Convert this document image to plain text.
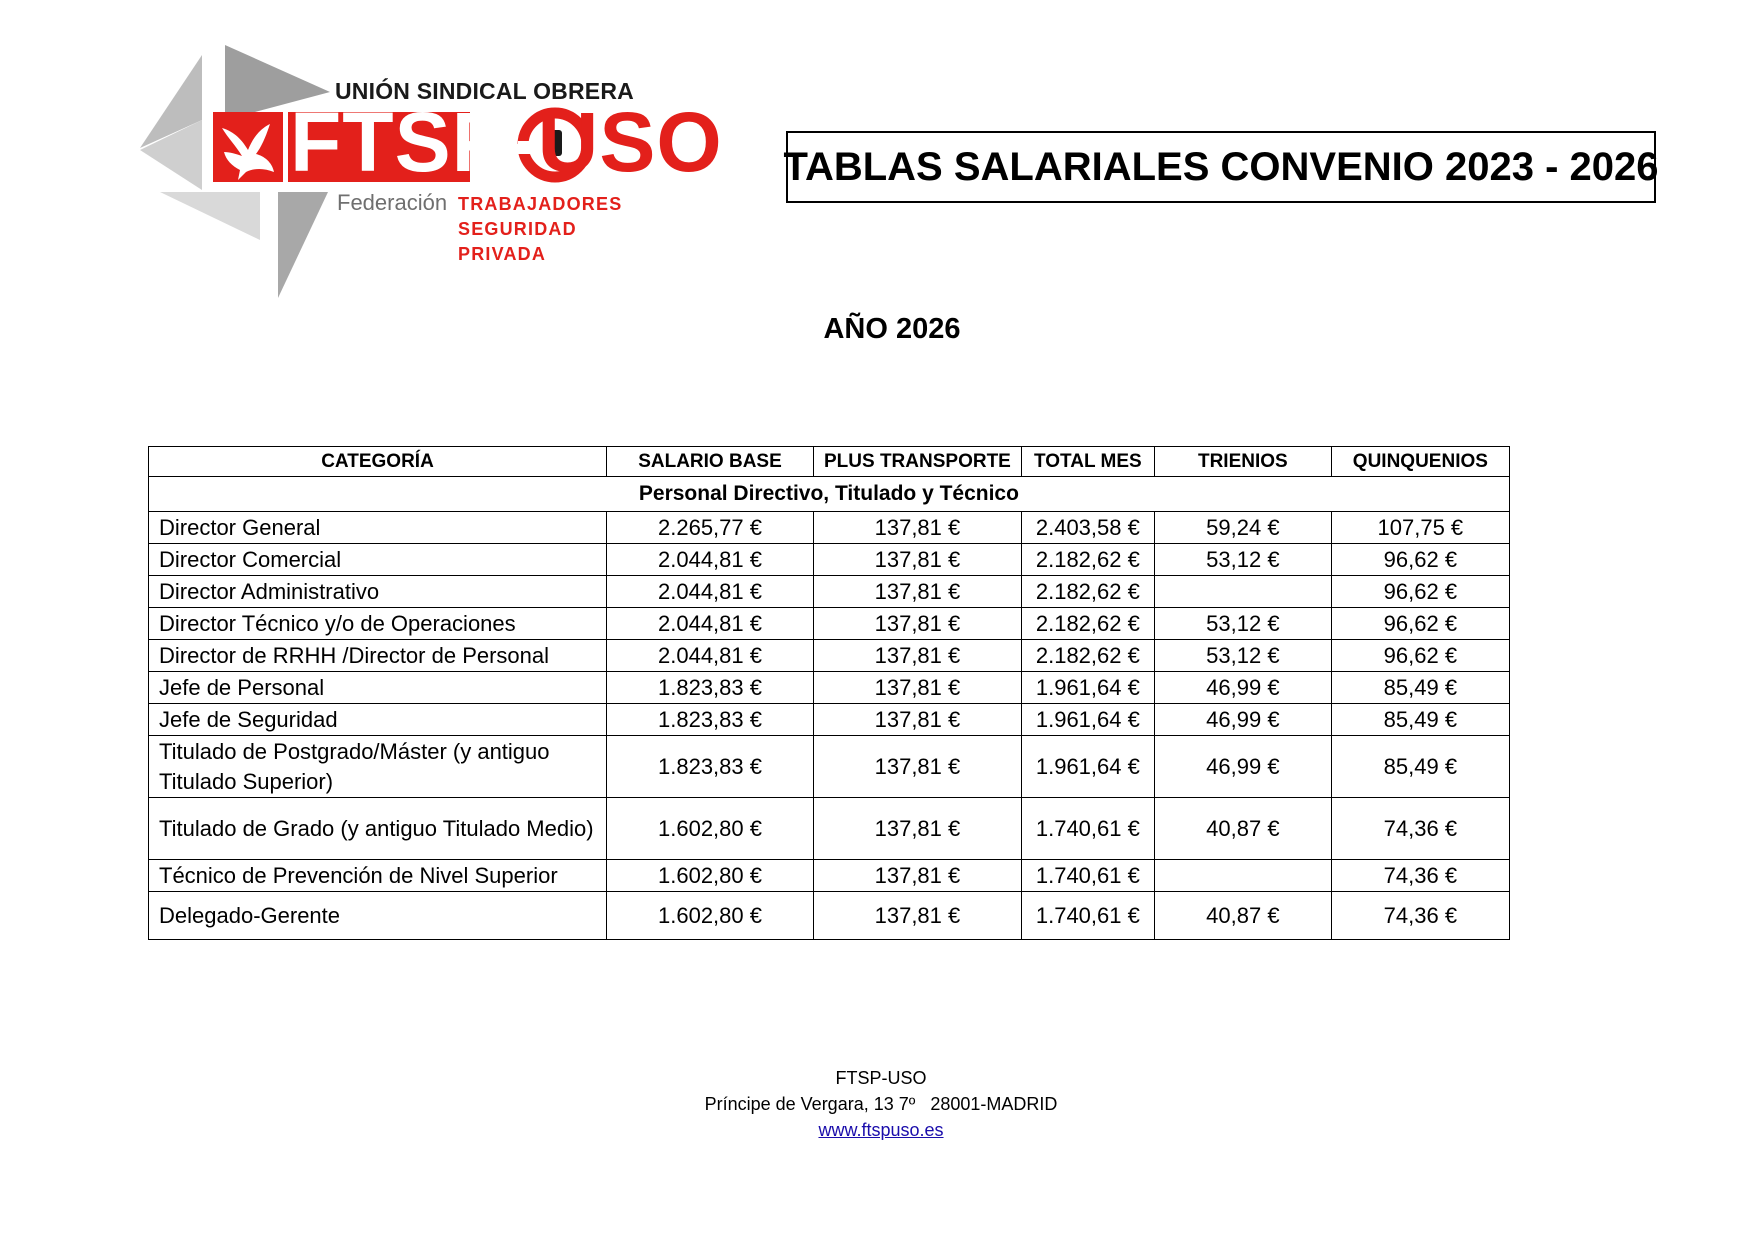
UNIÓN SINDICAL OBRERA
FTSP-USO
Federación TRABAJADORES
SEGURIDAD
PRIVADA
TABLAS SALARIALES CONVENIO 2023 - 2026
AÑO 2026
CATEGORÍA	SALARIO BASE	PLUS TRANSPORTE	TOTAL MES	TRIENIOS	QUINQUENIOS
Personal Directivo, Titulado y Técnico					
Director General	2.265,77 €	137,81 €	2.403,58 €	59,24 €	107,75 €
Director Comercial	2.044,81 €	137,81 €	2.182,62 €	53,12 €	96,62 €
Director Administrativo	2.044,81 €	137,81 €	2.182,62 €		96,62 €
Director Técnico y/o de Operaciones	2.044,81 €	137,81 €	2.182,62 €	53,12 €	96,62 €
Director de RRHH /Director de Personal	2.044,81 €	137,81 €	2.182,62 €	53,12 €	96,62 €
Jefe de Personal	1.823,83 €	137,81 €	1.961,64 €	46,99 €	85,49 €
Jefe de Seguridad	1.823,83 €	137,81 €	1.961,64 €	46,99 €	85,49 €
Titulado de Postgrado/Máster (y antiguo Titulado Superior)	1.823,83 €	137,81 €	1.961,64 €	46,99 €	85,49 €
Titulado de Grado (y antiguo Titulado Medio)	1.602,80 €	137,81 €	1.740,61 €	40,87 €	74,36 €
Técnico de Prevención de Nivel Superior	1.602,80 €	137,81 €	1.740,61 €		74,36 €
Delegado-Gerente	1.602,80 €	137,81 €	1.740,61 €	40,87 €	74,36 €
FTSP-USO
Príncipe de Vergara, 13 7º   28001-MADRID
www.ftspuso.es
